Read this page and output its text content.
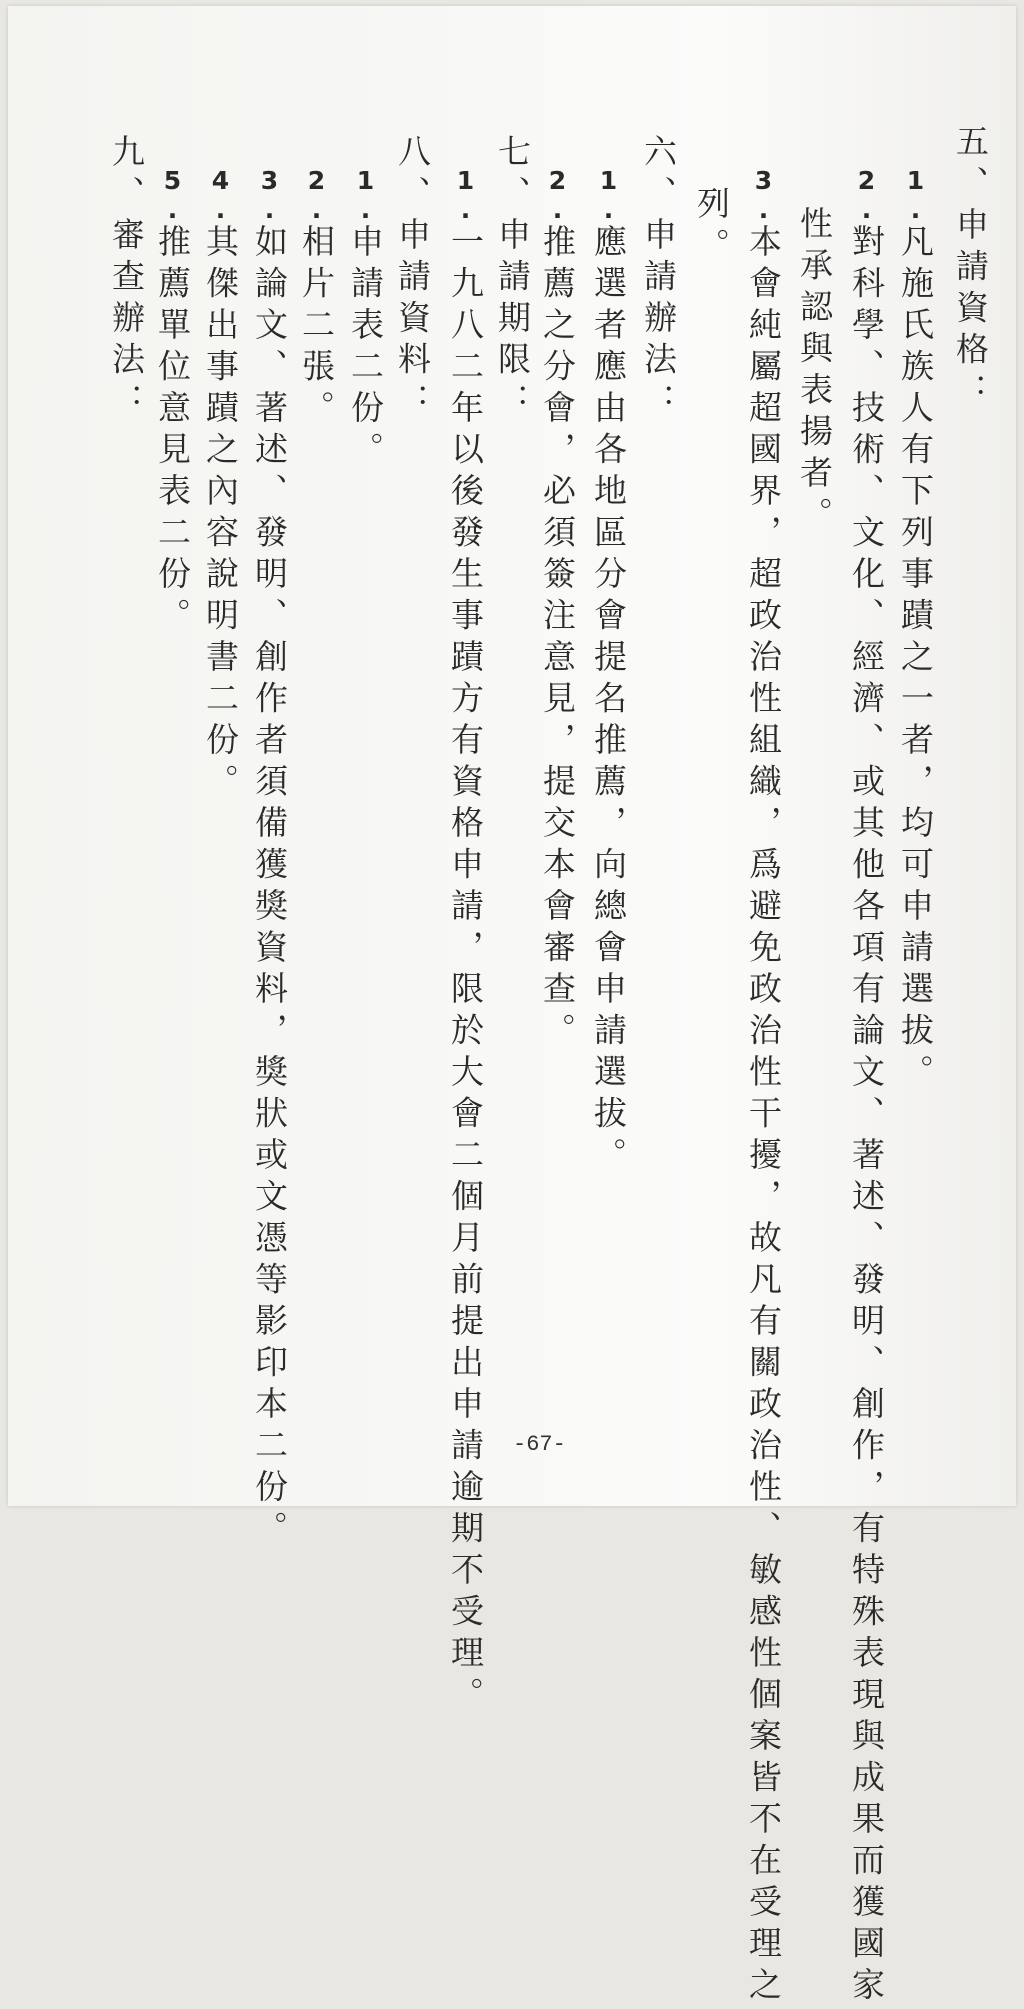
五、申請資格：
1.凡施氏族人有下列事蹟之一者，均可申請選拔。
2.對科學、技術、文化、經濟、或其他各項有論文、著述、發明、創作，有特殊表現與成果而獲國家
性承認與表揚者。
3.本會純屬超國界，超政治性組織，爲避免政治性干擾，故凡有關政治性、敏感性個案皆不在受理之
列。
六、申請辦法：
1.應選者應由各地區分會提名推薦，向總會申請選拔。
2.推薦之分會，必須簽注意見，提交本會審查。
七、申請期限：
1.一九八二年以後發生事蹟方有資格申請，限於大會二個月前提出申請逾期不受理。
八、申請資料：
1.申請表二份。
2.相片二張。
3.如論文、著述、發明、創作者須備獲獎資料，獎狀或文憑等影印本二份。
4.其傑出事蹟之內容說明書二份。
5.推薦單位意見表二份。
九、審查辦法：
-67-
